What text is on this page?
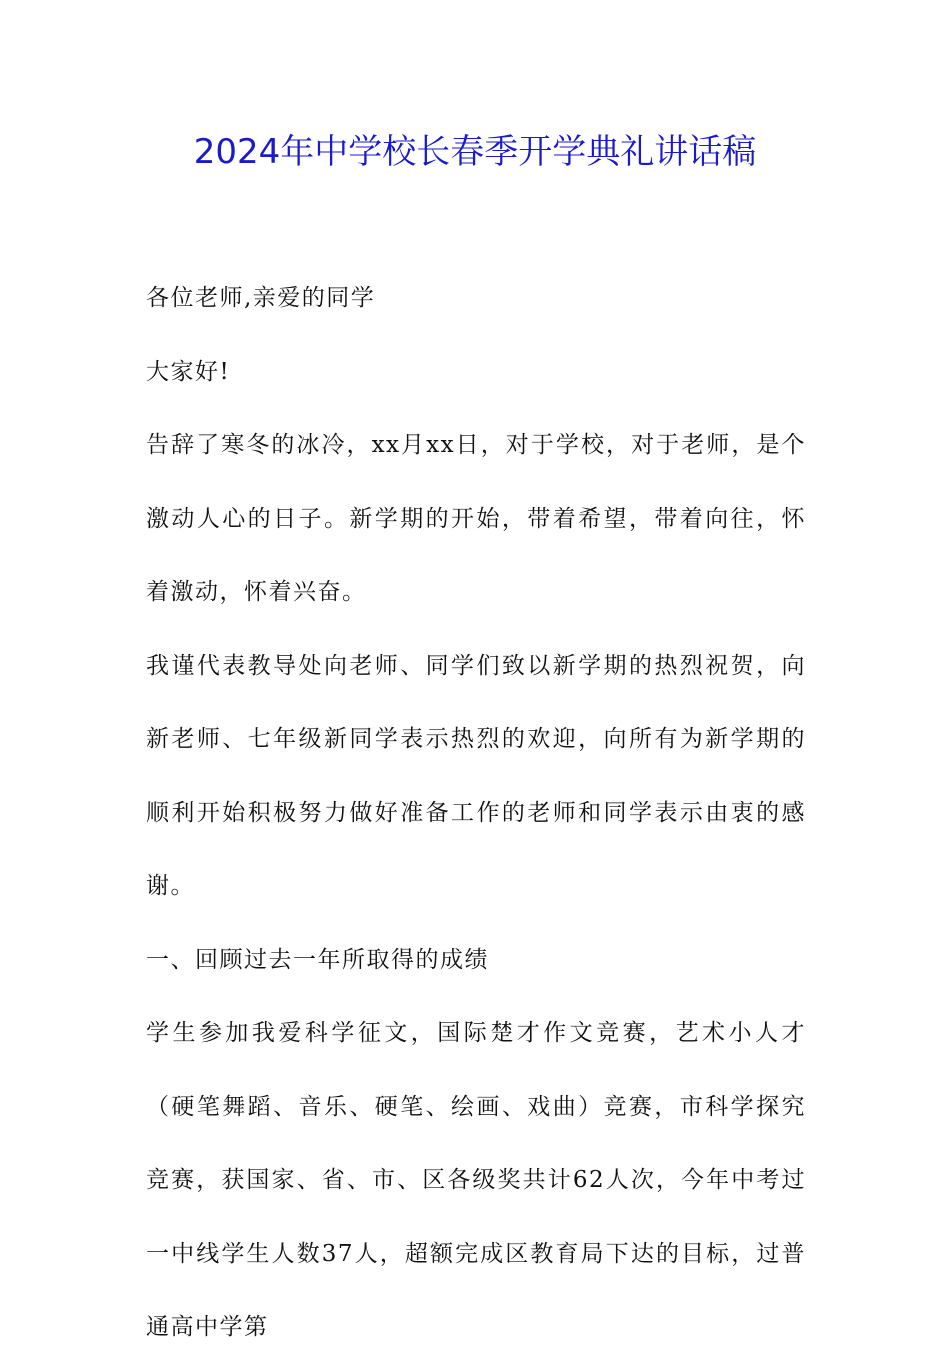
2024年中学校长春季开学典礼讲话稿

各位老师,亲爱的同学

大家好!

告辞了寒冬的冰冷，xx月xx日，对于学校，对于老师，是个激动人心的日子。新学期的开始，带着希望，带着向往，怀着激动，怀着兴奋。

我谨代表教导处向老师、同学们致以新学期的热烈祝贺，向新老师、七年级新同学表示热烈的欢迎，向所有为新学期的顺利开始积极努力做好准备工作的老师和同学表示由衷的感谢。

一、回顾过去一年所取得的成绩

学生参加我爱科学征文，国际楚才作文竞赛，艺术小人才（硬笔舞蹈、音乐、硬笔、绘画、戏曲）竞赛，市科学探究竞赛，获国家、省、市、区各级奖共计62人次，今年中考过一中线学生人数37人，超额完成区教育局下达的目标，过普通高中学第
